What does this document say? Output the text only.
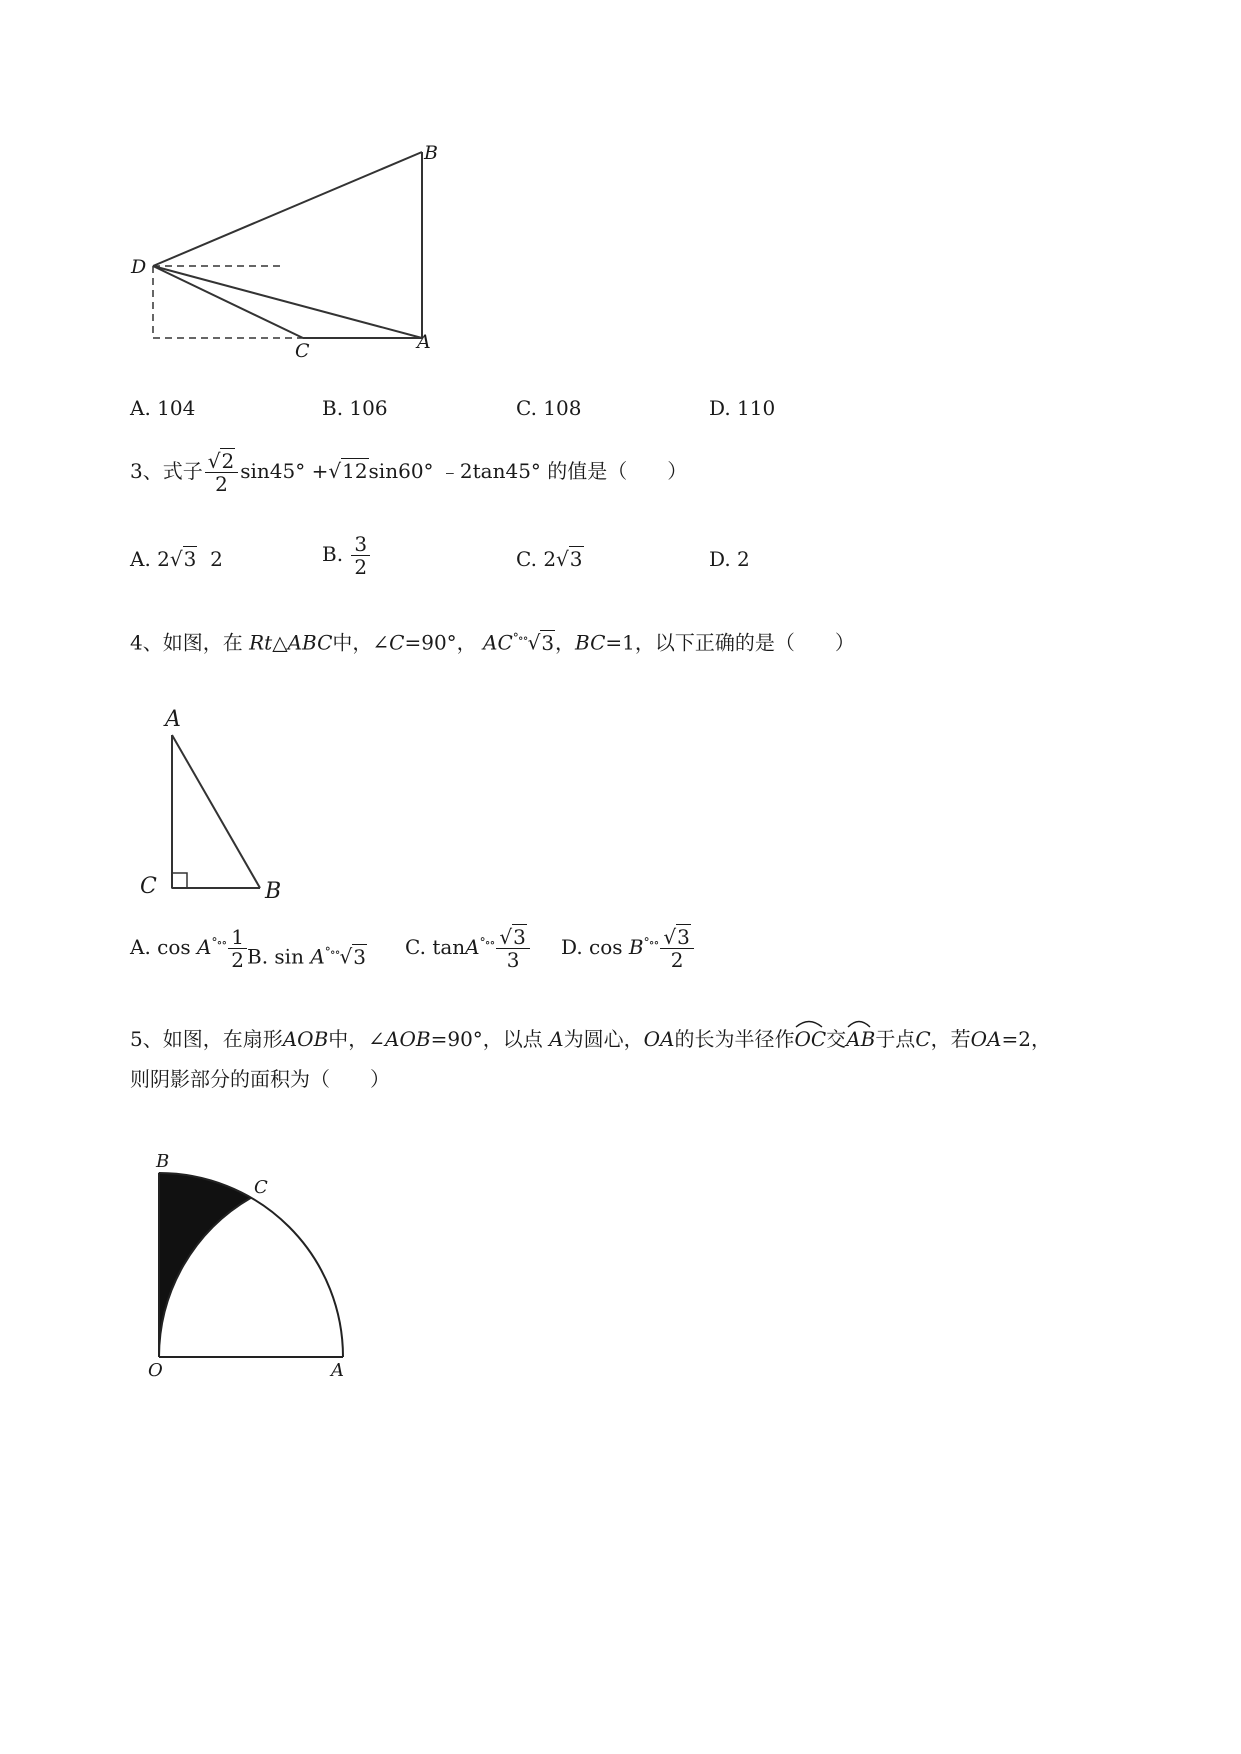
B
D
C	A
A. 104	B. 106	C. 108	D. 110
3、式子 $\frac{√2}{2} \sin 45^\circ +√12\sin 60^\circ$ ﹣2tan45° 的值是（　　）
A. 2√3 2	B. $\frac{3}{2}$	C. 2√3	D. 2
4、如图，在 Rt△ABC中，∠C=90°， AC°∘∘√3，BC=1，以下正确的是（　　）
A
C	B
A. $\cos A^{^\circ\circ\circ} \frac{1}{2} B$. sin A°∘∘√3 C. $\tan A^{^\circ\circ\circ} \frac{√3}{3} D$. $\cos B^{^\circ\circ\circ} \frac{√3}{2}$
5、如图，在扇形AOB中，∠AOB=90°，以点 A为圆心，OA的长为半径作
OC交
AB于点C，若OA=2，
则阴影部分的面积为（　　）
B
C
O	A
